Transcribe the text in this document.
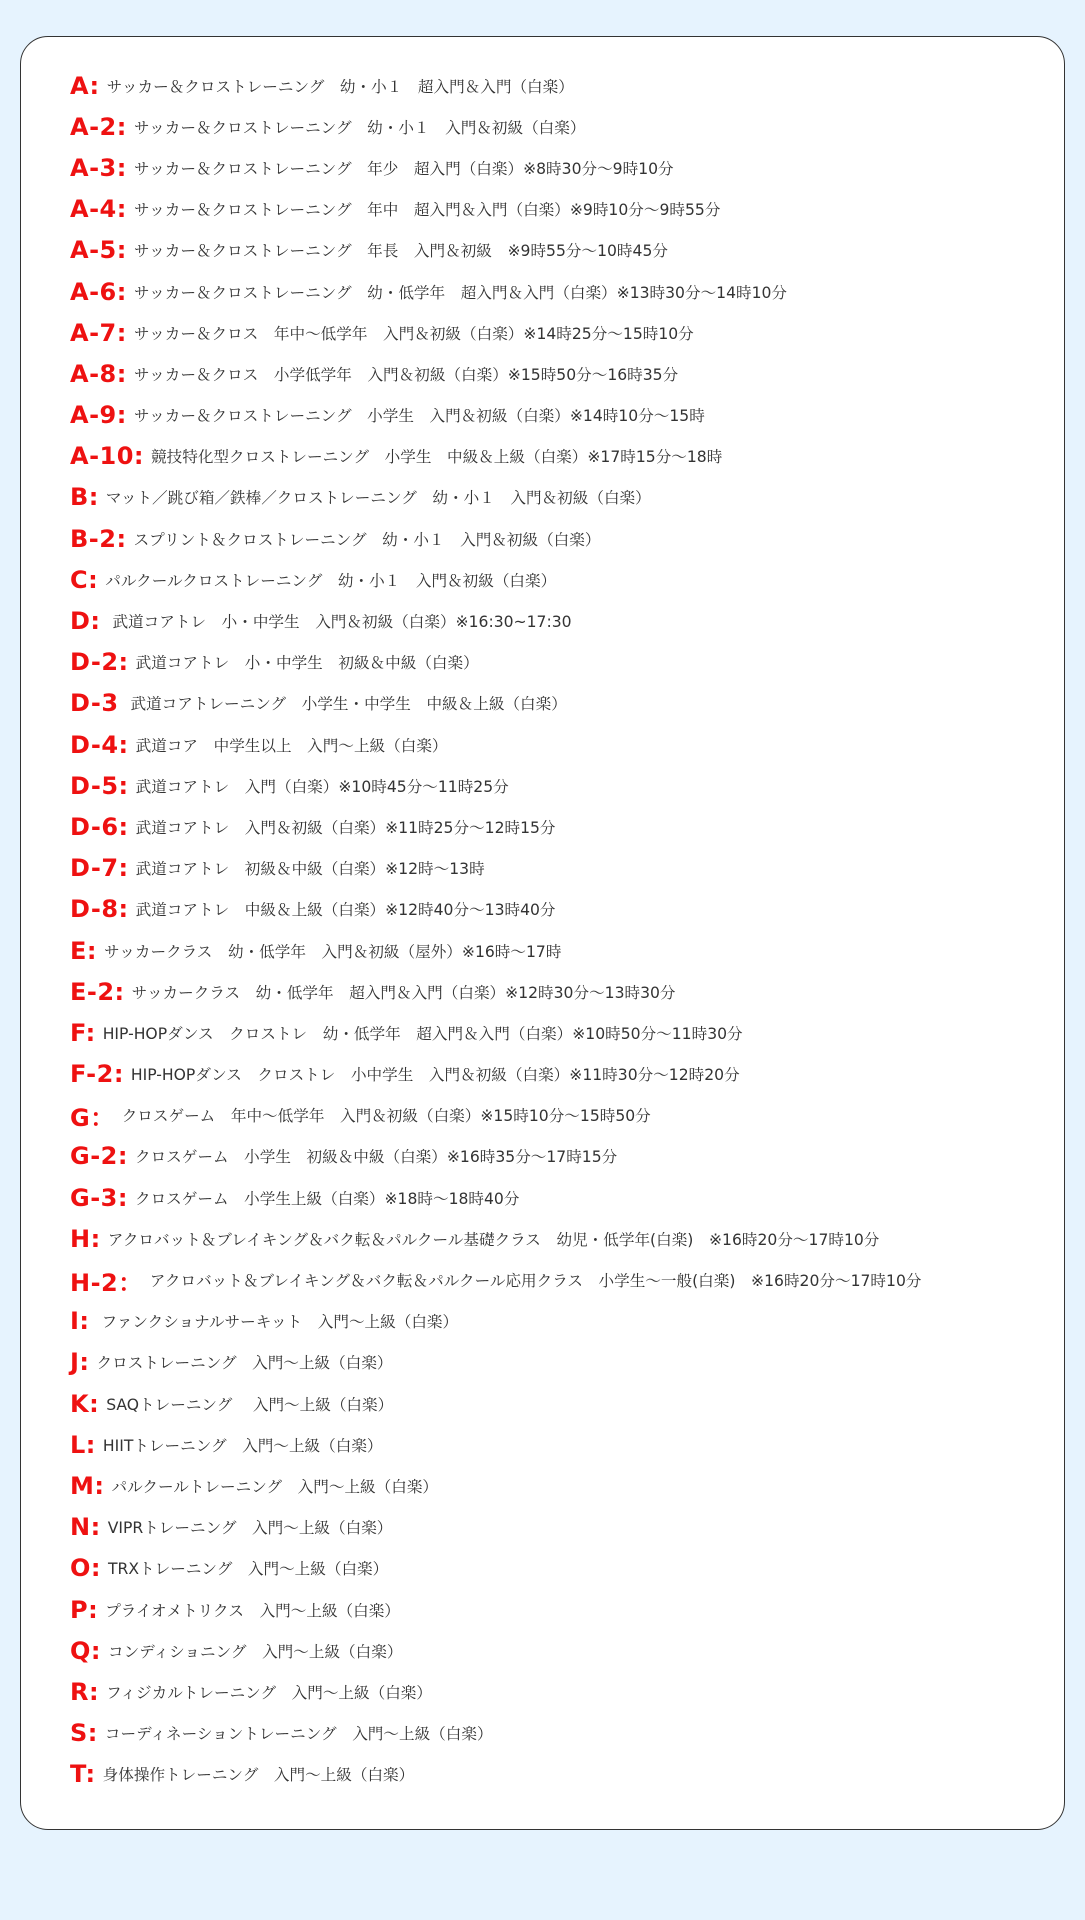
A: サッカー＆クロストレーニング　幼・小１　超入門＆入門（白楽）
A-2: サッカー＆クロストレーニング　幼・小１　入門＆初級（白楽）
A-3: サッカー＆クロストレーニング　年少　超入門（白楽）※8時30分〜9時10分
A-4: サッカー＆クロストレーニング　年中　超入門＆入門（白楽）※9時10分〜9時55分
A-5: サッカー＆クロストレーニング　年長　入門＆初級　※9時55分〜10時45分
A-6: サッカー＆クロストレーニング　幼・低学年　超入門＆入門（白楽）※13時30分〜14時10分
A-7: サッカー＆クロス　年中〜低学年　入門＆初級（白楽）※14時25分〜15時10分
A-8: サッカー＆クロス　小学低学年　入門＆初級（白楽）※15時50分〜16時35分
A-9: サッカー＆クロストレーニング　小学生　入門＆初級（白楽）※14時10分〜15時
A-10: 競技特化型クロストレーニング　小学生　中級＆上級（白楽）※17時15分〜18時
B: マット／跳び箱／鉄棒／クロストレーニング　幼・小１　入門＆初級（白楽）
B-2: スプリント＆クロストレーニング　幼・小１　入門＆初級（白楽）
C: パルクールクロストレーニング　幼・小１　入門＆初級（白楽）
D: 武道コアトレ　小・中学生　入門＆初級（白楽）※16:30~17:30
D-2: 武道コアトレ　小・中学生　初級＆中級（白楽）
D-3 武道コアトレーニング　小学生・中学生　中級＆上級（白楽）
D-4: 武道コア　中学生以上　入門〜上級（白楽）
D-5: 武道コアトレ　入門（白楽）※10時45分〜11時25分
D-6: 武道コアトレ　入門＆初級（白楽）※11時25分〜12時15分
D-7: 武道コアトレ　初級＆中級（白楽）※12時〜13時
D-8: 武道コアトレ　中級＆上級（白楽）※12時40分〜13時40分
E: サッカークラス　幼・低学年　入門＆初級（屋外）※16時〜17時
E-2: サッカークラス　幼・低学年　超入門＆入門（白楽）※12時30分〜13時30分
F: HIP-HOPダンス　クロストレ　幼・低学年　超入門＆入門（白楽）※10時50分〜11時30分
F-2: HIP-HOPダンス　クロストレ　小中学生　入門＆初級（白楽）※11時30分〜12時20分
G： クロスゲーム　年中〜低学年　入門＆初級（白楽）※15時10分〜15時50分
G-2: クロスゲーム　小学生　初級＆中級（白楽）※16時35分〜17時15分
G-3: クロスゲーム　小学生上級（白楽）※18時〜18時40分
H: アクロバット＆ブレイキング＆バク転＆パルクール基礎クラス　幼児・低学年(白楽)　※16時20分〜17時10分
H-2： アクロバット＆ブレイキング＆バク転＆パルクール応用クラス　小学生〜一般(白楽)　※16時20分〜17時10分
I: ファンクショナルサーキット　入門〜上級（白楽）
J: クロストレーニング　入門〜上級（白楽）
K: SAQトレーニング　 入門〜上級（白楽）
L: HIITトレーニング　入門〜上級（白楽）
M: パルクールトレーニング　入門〜上級（白楽）
N: VIPRトレーニング　入門〜上級（白楽）
O: TRXトレーニング　入門〜上級（白楽）
P: プライオメトリクス　入門〜上級（白楽）
Q: コンディショニング　入門〜上級（白楽）
R: フィジカルトレーニング　入門〜上級（白楽）
S: コーディネーショントレーニング　入門〜上級（白楽）
T: 身体操作トレーニング　入門〜上級（白楽）
